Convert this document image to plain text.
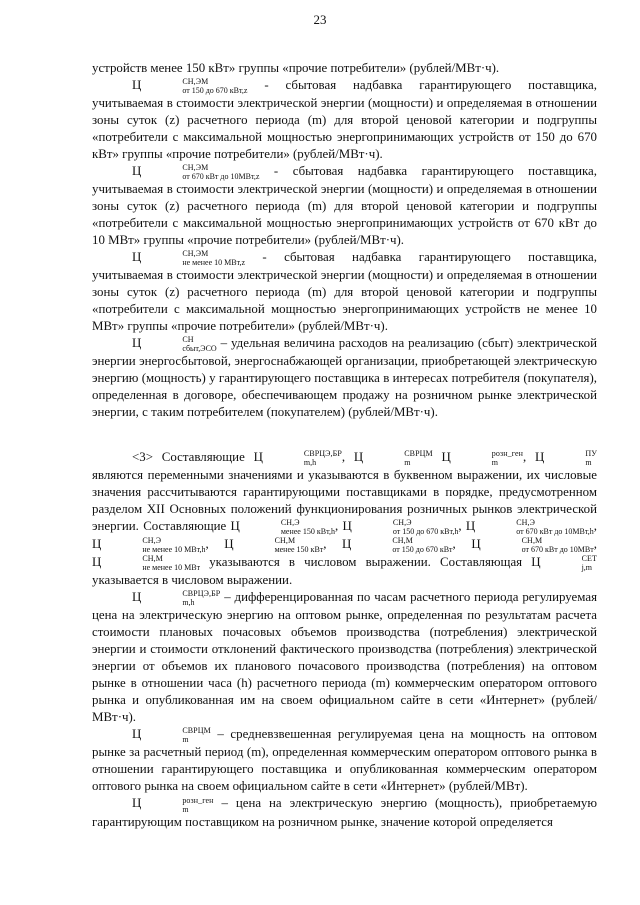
23

устройств менее 150 кВт» группы «прочие потребители» (рублей/МВт·ч).

Ц	СН,ЭМ
от 150 до 670 кВт,z - сбытовая надбавка гарантирующего поставщика, учитываемая в стоимости электрической энергии (мощности) и определяемая в отношении зоны суток (z) расчетного периода (m) для второй ценовой категории и подгруппы «потребители с максимальной мощностью энергопринимающих устройств от 150 до 670 кВт» группы «прочие потребители» (рублей/МВт·ч).

Ц	СН,ЭМ
от 670 кВт до 10МВт,z - сбытовая надбавка гарантирующего поставщика, учитываемая в стоимости электрической энергии (мощности) и определяемая в отношении зоны суток (z) расчетного периода (m) для второй ценовой категории и подгруппы «потребители с максимальной мощностью энергопринимающих устройств от 670 кВт до 10 МВт» группы «прочие потребители» (рублей/МВт·ч).

Ц	СН,ЭМ
не менее 10 МВт,z - сбытовая надбавка гарантирующего поставщика, учитываемая в стоимости электрической энергии (мощности) и определяемая в отношении зоны суток (z) расчетного периода (m) для второй ценовой категории и подгруппы «потребители с максимальной мощностью энергопринимающих устройств не менее 10 МВт» группы «прочие потребители» (рублей/МВт·ч).

Ц	СН
сбыт,ЭСО – удельная величина расходов на реализацию (сбыт) электрической энергии энергосбытовой, энергоснабжающей организации, приобретающей электрическую энергию (мощность) у гарантирующего поставщика в интересах потребителя (покупателя), определенная в договоре, обеспечивающем продажу на розничном рынке электрической энергии, с таким потребителем (покупателем) (рублей/МВт·ч).

<3> Составляющие Ц	СВРЦЭ,БР
m,h	, Ц	СВРЦМ
m	Ц	розн_ген
m	, Ц	ПУ
m
являются переменными значениями и указываются в буквенном выражении, их числовые значения рассчитываются гарантирующими поставщиками в порядке, предусмотренном разделом XII Основных положений функционирования розничных рынков электрической энергии. Составляющие Ц	СН,Э
менее 150 кВт,h , Ц	СН,Э
от 150 до 670 кВт,h , Ц	СН,Э
от 670 кВт до 10МВт,h , Ц	СН,Э
не менее 10 МВт,h , Ц	СН,М
менее 150 кВт , Ц	СН,М
от 150 до 670 кВт , Ц	СН,М
от 670 кВт до 10МВт , Ц	СН,М
не менее 10 МВт указываются в числовом выражении. Составляющая Ц	СЕТ
j,m
указывается в числовом выражении.

Ц	СВРЦЭ,БР
m,h	– дифференцированная по часам расчетного периода регулируемая цена на электрическую энергию на оптовом рынке, определенная по результатам расчета стоимости плановых почасовых объемов производства (потребления) электрической энергии и стоимости отклонений фактического производства (потребления) электрической энергии от объемов их планового почасового производства (потребления) на оптовом рынке в отношении часа (h) расчетного периода (m) коммерческим оператором оптового рынка и опубликованная им на своем официальном сайте в сети «Интернет» (рублей/МВт·ч).

Ц	СВРЦМ
m	– средневзвешенная регулируемая цена на мощность на оптовом рынке за расчетный период (m), определенная коммерческим оператором оптового рынка в отношении гарантирующего поставщика и опубликованная коммерческим оператором оптового рынка на своем официальном сайте в сети «Интернет» (рублей/МВт).

Ц	розн_ген
m	– цена на электрическую энергию (мощность), приобретаемую гарантирующим поставщиком на розничном рынке, значение которой определяется
